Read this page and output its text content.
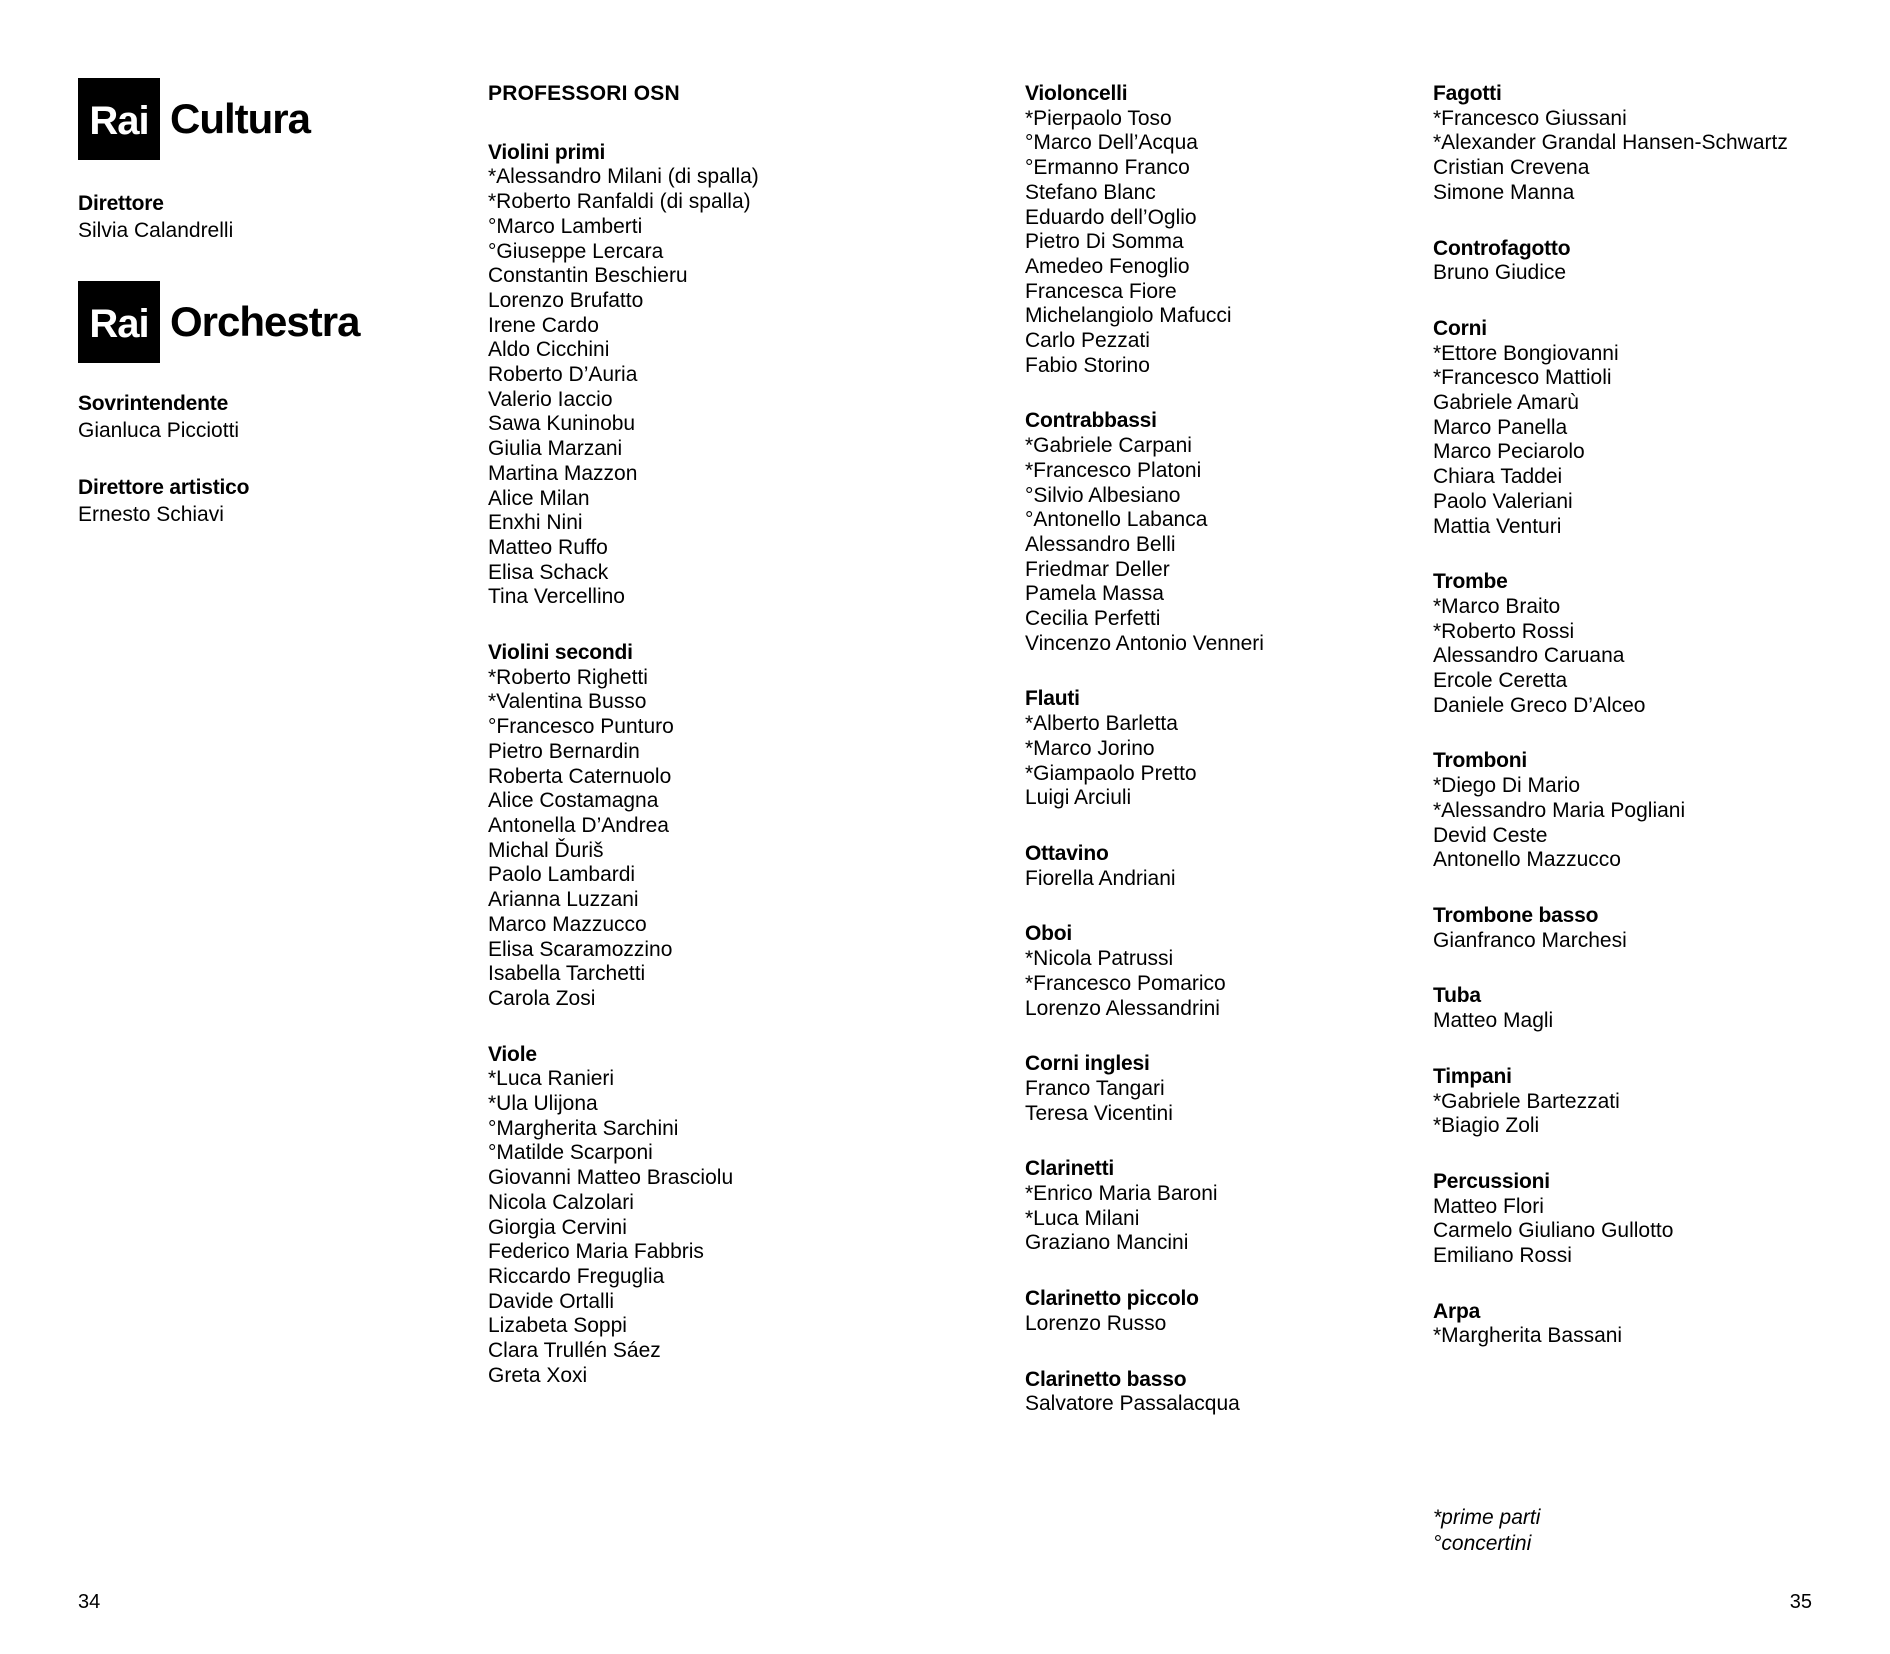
Rai Cultura
Direttore
Silvia Calandrelli
Rai Orchestra
Sovrintendente
Gianluca Picciotti
Direttore artistico
Ernesto Schiavi
PROFESSORI OSN
Violini primi
*Alessandro Milani (di spalla)
*Roberto Ranfaldi (di spalla)
°Marco Lamberti
°Giuseppe Lercara
Constantin Beschieru
Lorenzo Brufatto
Irene Cardo
Aldo Cicchini
Roberto D’Auria
Valerio Iaccio
Sawa Kuninobu
Giulia Marzani
Martina Mazzon
Alice Milan
Enxhi Nini
Matteo Ruffo
Elisa Schack
Tina Vercellino
Violini secondi
*Roberto Righetti
*Valentina Busso
°Francesco Punturo
Pietro Bernardin
Roberta Caternuolo
Alice Costamagna
Antonella D’Andrea
Michal Ďuriš
Paolo Lambardi
Arianna Luzzani
Marco Mazzucco
Elisa Scaramozzino
Isabella Tarchetti
Carola Zosi
Viole
*Luca Ranieri
*Ula Ulijona
°Margherita Sarchini
°Matilde Scarponi
Giovanni Matteo Brasciolu
Nicola Calzolari
Giorgia Cervini
Federico Maria Fabbris
Riccardo Freguglia
Davide Ortalli
Lizabeta Soppi
Clara Trullén Sáez
Greta Xoxi
Violoncelli
*Pierpaolo Toso
°Marco Dell’Acqua
°Ermanno Franco
Stefano Blanc
Eduardo dell’Oglio
Pietro Di Somma
Amedeo Fenoglio
Francesca Fiore
Michelangiolo Mafucci
Carlo Pezzati
Fabio Storino
Contrabbassi
*Gabriele Carpani
*Francesco Platoni
°Silvio Albesiano
°Antonello Labanca
Alessandro Belli
Friedmar Deller
Pamela Massa
Cecilia Perfetti
Vincenzo Antonio Venneri
Flauti
*Alberto Barletta
*Marco Jorino
*Giampaolo Pretto
Luigi Arciuli
Ottavino
Fiorella Andriani
Oboi
*Nicola Patrussi
*Francesco Pomarico
Lorenzo Alessandrini
Corni inglesi
Franco Tangari
Teresa Vicentini
Clarinetti
*Enrico Maria Baroni
*Luca Milani
Graziano Mancini
Clarinetto piccolo
Lorenzo Russo
Clarinetto basso
Salvatore Passalacqua
Fagotti
*Francesco Giussani
*Alexander Grandal Hansen-Schwartz
Cristian Crevena
Simone Manna
Controfagotto
Bruno Giudice
Corni
*Ettore Bongiovanni
*Francesco Mattioli
Gabriele Amarù
Marco Panella
Marco Peciarolo
Chiara Taddei
Paolo Valeriani
Mattia Venturi
Trombe
*Marco Braito
*Roberto Rossi
Alessandro Caruana
Ercole Ceretta
Daniele Greco D’Alceo
Tromboni
*Diego Di Mario
*Alessandro Maria Pogliani
Devid Ceste
Antonello Mazzucco
Trombone basso
Gianfranco Marchesi
Tuba
Matteo Magli
Timpani
*Gabriele Bartezzati
*Biagio Zoli
Percussioni
Matteo Flori
Carmelo Giuliano Gullotto
Emiliano Rossi
Arpa
*Margherita Bassani
*prime parti
°concertini
34	35
